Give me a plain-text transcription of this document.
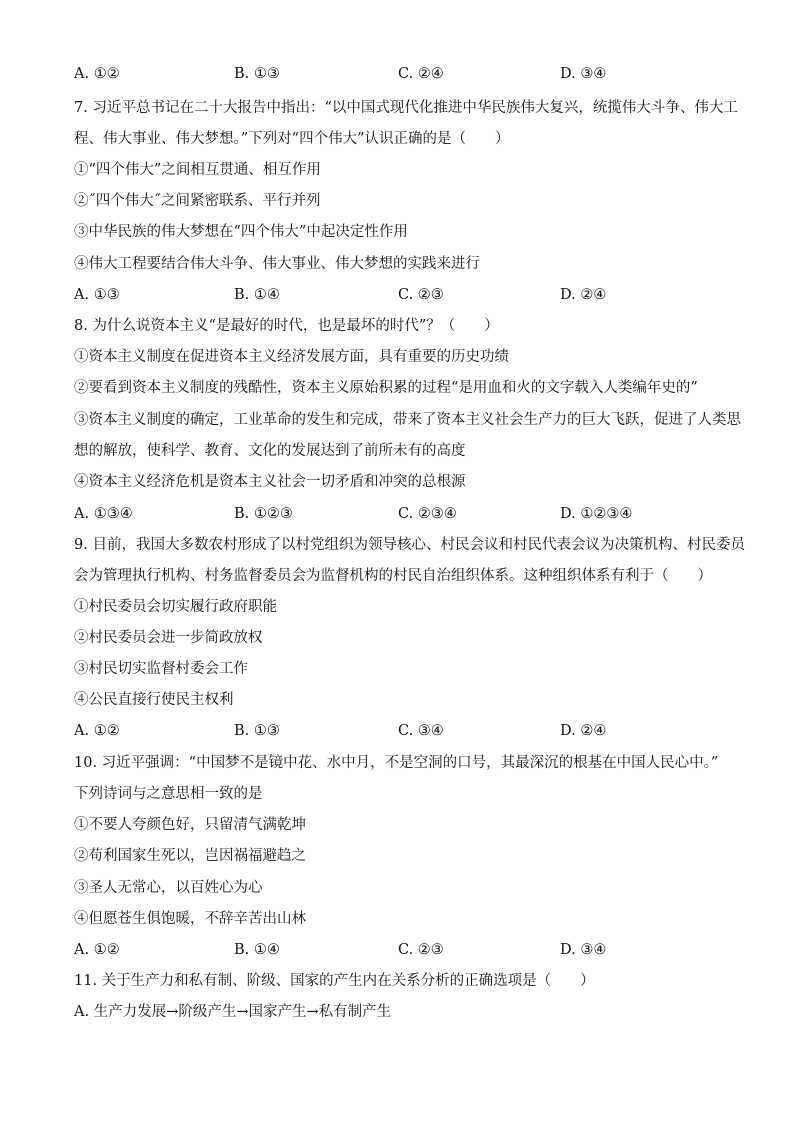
A. ①②	B. ①③	C. ②④	D. ③④
7. 习近平总书记在二十大报告中指出：“以中国式现代化推进中华民族伟大复兴，统揽伟大斗争、伟大工
程、伟大事业、伟大梦想。”下列对“四个伟大”认识正确的是（　　）
①“四个伟大”之间相互贯通、相互作用
②˝四个伟大˝之间紧密联系、平行并列
③中华民族的伟大梦想在“四个伟大”中起决定性作用
④伟大工程要结合伟大斗争、伟大事业、伟大梦想的实践来进行
A. ①③	B. ①④	C. ②③	D. ②④
8. 为什么说资本主义“是最好的时代，也是最坏的时代”？（　　）
①资本主义制度在促进资本主义经济发展方面，具有重要的历史功绩
②要看到资本主义制度的残酷性，资本主义原始积累的过程“是用血和火的文字载入人类编年史的”
③资本主义制度的确定，工业革命的发生和完成，带来了资本主义社会生产力的巨大飞跃，促进了人类思
想的解放，使科学、教育、文化的发展达到了前所未有的高度
④资本主义经济危机是资本主义社会一切矛盾和冲突的总根源
A. ①③④	B. ①②③	C. ②③④	D. ①②③④
9. 目前，我国大多数农村形成了以村党组织为领导核心、村民会议和村民代表会议为决策机构、村民委员
会为管理执行机构、村务监督委员会为监督机构的村民自治组织体系。这种组织体系有利于（　　）
①村民委员会切实履行政府职能
②村民委员会进一步简政放权
③村民切实监督村委会工作
④公民直接行使民主权利
A. ①②	B. ①③	C. ③④	D. ②④
10. 习近平强调：“中国梦不是镜中花、水中月，不是空洞的口号，其最深沉的根基在中国人民心中。”
下列诗词与之意思相一致的是
①不要人夸颜色好，只留清气满乾坤
②苟利国家生死以，岂因祸福避趋之
③圣人无常心，以百姓心为心
④但愿苍生俱饱暖，不辞辛苦出山林
A. ①②	B. ①④	C. ②③	D. ③④
11. 关于生产力和私有制、阶级、国家的产生内在关系分析的正确选项是（　　）
A. 生产力发展→阶级产生→国家产生→私有制产生
